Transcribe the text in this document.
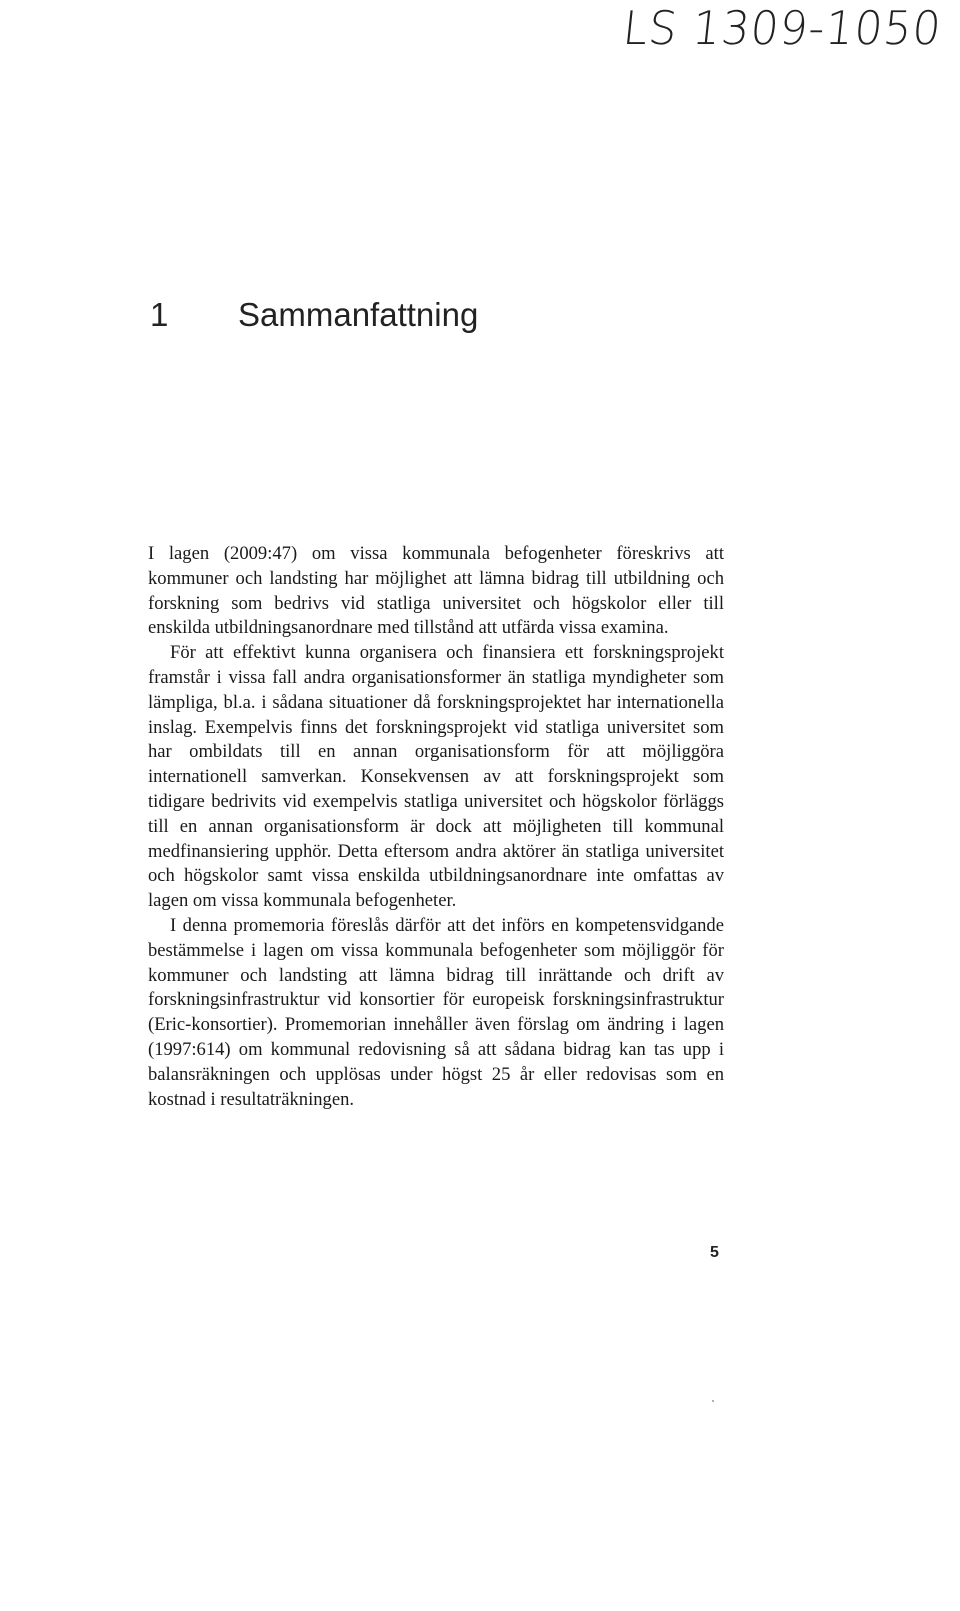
LS 1309-1050
1 Sammanfattning

I lagen (2009:47) om vissa kommunala befogenheter föreskrivs att kommuner och landsting har möjlighet att lämna bidrag till utbildning och forskning som bedrivs vid statliga universitet och högskolor eller till enskilda utbildningsanordnare med tillstånd att utfärda vissa examina.

För att effektivt kunna organisera och finansiera ett forskningsprojekt framstår i vissa fall andra organisationsformer än statliga myndigheter som lämpliga, bl.a. i sådana situationer då forskningsprojektet har internationella inslag. Exempelvis finns det forskningsprojekt vid statliga universitet som har ombildats till en annan organisationsform för att möjliggöra internationell samverkan. Konsekvensen av att forskningsprojekt som tidigare bedrivits vid exempelvis statliga universitet och högskolor förläggs till en annan organisationsform är dock att möjligheten till kommunal medfinansiering upphör. Detta eftersom andra aktörer än statliga universitet och högskolor samt vissa enskilda utbildningsanordnare inte omfattas av lagen om vissa kommunala befogenheter.

I denna promemoria föreslås därför att det införs en kompetensvidgande bestämmelse i lagen om vissa kommunala befogenheter som möjliggör för kommuner och landsting att lämna bidrag till inrättande och drift av forskningsinfrastruktur vid konsortier för europeisk forskningsinfrastruktur (Eric-konsortier). Promemorian innehåller även förslag om ändring i lagen (1997:614) om kommunal redovisning så att sådana bidrag kan tas upp i balansräkningen och upplösas under högst 25 år eller redovisas som en kostnad i resultaträkningen.

5
